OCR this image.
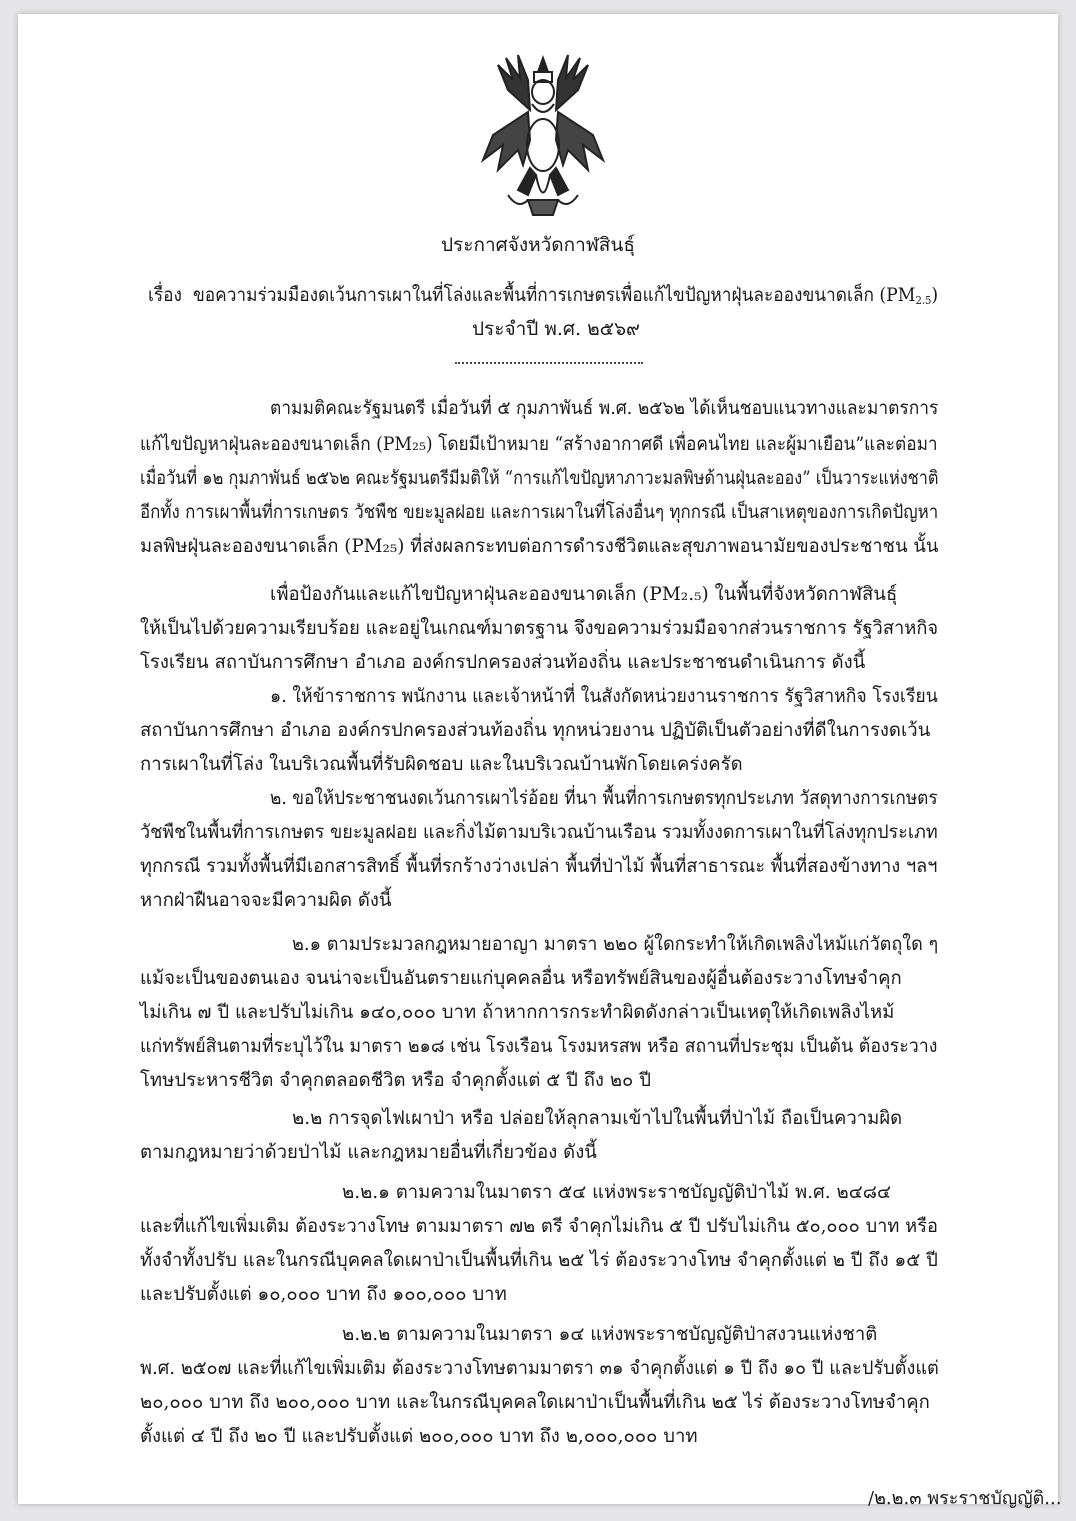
ประกาศจังหวัดกาฬสินธุ์
เรื่อง ขอความร่วมมืองดเว้นการเผาในที่โล่งและพื้นที่การเกษตรเพื่อแก้ไขปัญหาฝุ่นละอองขนาดเล็ก $(PM_{2.5})$
ประจำปี พ.ศ. ๒๕๖๙
ตามมติคณะรัฐมนตรี เมื่อวันที่ ๕ กุมภาพันธ์ พ.ศ. ๒๕๖๒ ได้เห็นชอบแนวทางและมาตรการ
แก้ไขปัญหาฝุ่นละอองขนาดเล็ก (PM₂₅) โดยมีเป้าหมาย “สร้างอากาศดี เพื่อคนไทย และผู้มาเยือน”และต่อมา
เมื่อวันที่ ๑๒ กุมภาพันธ์ ๒๕๖๒ คณะรัฐมนตรีมีมติให้ “การแก้ไขปัญหาภาวะมลพิษด้านฝุ่นละออง” เป็นวาระแห่งชาติ
อีกทั้ง การเผาพื้นที่การเกษตร วัชพืช ขยะมูลฝอย และการเผาในที่โล่งอื่นๆ ทุกกรณี เป็นสาเหตุของการเกิดปัญหา
มลพิษฝุ่นละอองขนาดเล็ก (PM₂₅) ที่ส่งผลกระทบต่อการดำรงชีวิตและสุขภาพอนามัยของประชาชน นั้น
เพื่อป้องกันและแก้ไขปัญหาฝุ่นละอองขนาดเล็ก (PM₂.₅) ในพื้นที่จังหวัดกาฬสินธุ์
ให้เป็นไปด้วยความเรียบร้อย และอยู่ในเกณฑ์มาตรฐาน จึงขอความร่วมมือจากส่วนราชการ รัฐวิสาหกิจ
โรงเรียน สถาบันการศึกษา อำเภอ องค์กรปกครองส่วนท้องถิ่น และประชาชนดำเนินการ ดังนี้
๑. ให้ข้าราชการ พนักงาน และเจ้าหน้าที่ ในสังกัดหน่วยงานราชการ รัฐวิสาหกิจ โรงเรียน
สถาบันการศึกษา อำเภอ องค์กรปกครองส่วนท้องถิ่น ทุกหน่วยงาน ปฏิบัติเป็นตัวอย่างที่ดีในการงดเว้น
การเผาในที่โล่ง ในบริเวณพื้นที่รับผิดชอบ และในบริเวณบ้านพักโดยเคร่งครัด
๒. ขอให้ประชาชนงดเว้นการเผาไร่อ้อย ที่นา พื้นที่การเกษตรทุกประเภท วัสดุทางการเกษตร
วัชพืชในพื้นที่การเกษตร ขยะมูลฝอย และกิ่งไม้ตามบริเวณบ้านเรือน รวมทั้งงดการเผาในที่โล่งทุกประเภท
ทุกกรณี รวมทั้งพื้นที่มีเอกสารสิทธิ์ พื้นที่รกร้างว่างเปล่า พื้นที่ป่าไม้ พื้นที่สาธารณะ พื้นที่สองข้างทาง ฯลฯ
หากฝ่าฝืนอาจจะมีความผิด ดังนี้
๒.๑ ตามประมวลกฎหมายอาญา มาตรา ๒๒๐ ผู้ใดกระทำให้เกิดเพลิงไหม้แก่วัตถุใด ๆ
แม้จะเป็นของตนเอง จนน่าจะเป็นอันตรายแก่บุคคลอื่น หรือทรัพย์สินของผู้อื่นต้องระวางโทษจำคุก
ไม่เกิน ๗ ปี และปรับไม่เกิน ๑๔๐,๐๐๐ บาท ถ้าหากการกระทำผิดดังกล่าวเป็นเหตุให้เกิดเพลิงไหม้
แก่ทรัพย์สินตามที่ระบุไว้ใน มาตรา ๒๑๘ เช่น โรงเรือน โรงมหรสพ หรือ สถานที่ประชุม เป็นต้น ต้องระวาง
โทษประหารชีวิต จำคุกตลอดชีวิต หรือ จำคุกตั้งแต่ ๕ ปี ถึง ๒๐ ปี
๒.๒ การจุดไฟเผาป่า หรือ ปล่อยให้ลุกลามเข้าไปในพื้นที่ป่าไม้ ถือเป็นความผิด
ตามกฎหมายว่าด้วยป่าไม้ และกฎหมายอื่นที่เกี่ยวข้อง ดังนี้
๒.๒.๑ ตามความในมาตรา ๕๔ แห่งพระราชบัญญัติป่าไม้ พ.ศ. ๒๔๘๔
และที่แก้ไขเพิ่มเติม ต้องระวางโทษ ตามมาตรา ๗๒ ตรี จำคุกไม่เกิน ๕ ปี ปรับไม่เกิน ๕๐,๐๐๐ บาท หรือ
ทั้งจำทั้งปรับ และในกรณีบุคคลใดเผาป่าเป็นพื้นที่เกิน ๒๕ ไร่ ต้องระวางโทษ จำคุกตั้งแต่ ๒ ปี ถึง ๑๕ ปี
และปรับตั้งแต่ ๑๐,๐๐๐ บาท ถึง ๑๐๐,๐๐๐ บาท
๒.๒.๒ ตามความในมาตรา ๑๔ แห่งพระราชบัญญัติป่าสงวนแห่งชาติ
พ.ศ. ๒๕๐๗ และที่แก้ไขเพิ่มเติม ต้องระวางโทษตามมาตรา ๓๑ จำคุกตั้งแต่ ๑ ปี ถึง ๑๐ ปี และปรับตั้งแต่
๒๐,๐๐๐ บาท ถึง ๒๐๐,๐๐๐ บาท และในกรณีบุคคลใดเผาป่าเป็นพื้นที่เกิน ๒๕ ไร่ ต้องระวางโทษจำคุก
ตั้งแต่ ๔ ปี ถึง ๒๐ ปี และปรับตั้งแต่ ๒๐๐,๐๐๐ บาท ถึง ๒,๐๐๐,๐๐๐ บาท
/๒.๒.๓ พระราชบัญญัติ...
